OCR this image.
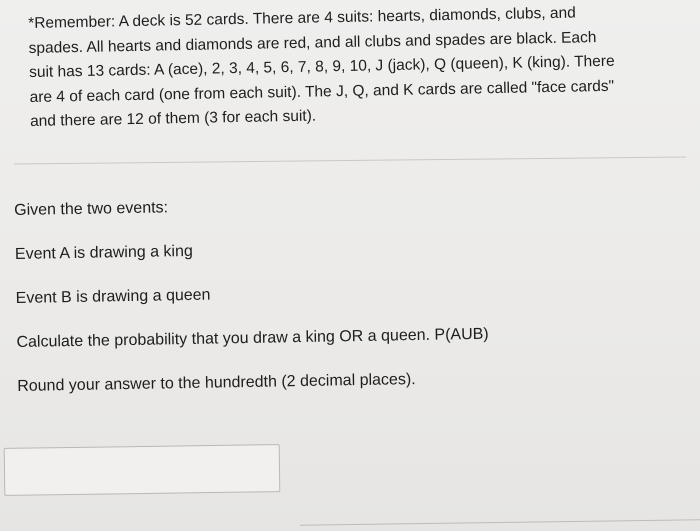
*Remember: A deck is 52 cards. There are 4 suits: hearts, diamonds, clubs, and
spades. All hearts and diamonds are red, and all clubs and spades are black. Each
suit has 13 cards: A (ace), 2, 3, 4, 5, 6, 7, 8, 9, 10, J (jack), Q (queen), K (king). There
are 4 of each card (one from each suit). The J, Q, and K cards are called "face cards"
and there are 12 of them (3 for each suit).
Given the two events:
Event A is drawing a king
Event B is drawing a queen
Calculate the probability that you draw a king OR a queen. P(AUB)
Round your answer to the hundredth (2 decimal places).
